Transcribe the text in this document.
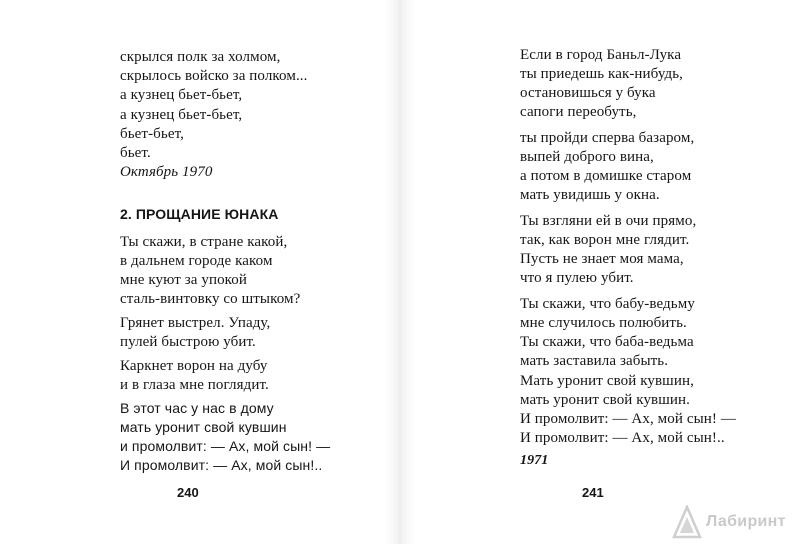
скрылся полк за холмом,
скрылось войско за полком...
а кузнец бьет-бьет,
а кузнец бьет-бьет,
бьет-бьет,
бьет.
Октябрь 1970
2. ПРОЩАНИЕ ЮНАКА
Ты скажи, в стране какой,
в дальнем городе каком
мне куют за упокой
сталь-винтовку со штыком?
Грянет выстрел. Упаду,
пулей быстрою убит.
Каркнет ворон на дубу
и в глаза мне поглядит.
В этот час у нас в дому
мать уронит свой кувшин
и промолвит: — Ах, мой сын! —
И промолвит: — Ах, мой сын!..
240
Если в город Баньл-Лука
ты приедешь как-нибудь,
остановишься у бука
сапоги переобуть,
ты пройди сперва базаром,
выпей доброго вина,
а потом в домишке старом
мать увидишь у окна.
Ты взгляни ей в очи прямо,
так, как ворон мне глядит.
Пусть не знает моя мама,
что я пулею убит.
Ты скажи, что бабу-ведьму
мне случилось полюбить.
Ты скажи, что баба-ведьма
мать заставила забыть.
Мать уронит свой кувшин,
мать уронит свой кувшин.
И промолвит: — Ах, мой сын! —
И промолвит: — Ах, мой сын!..
1971
241
Лабиринт
